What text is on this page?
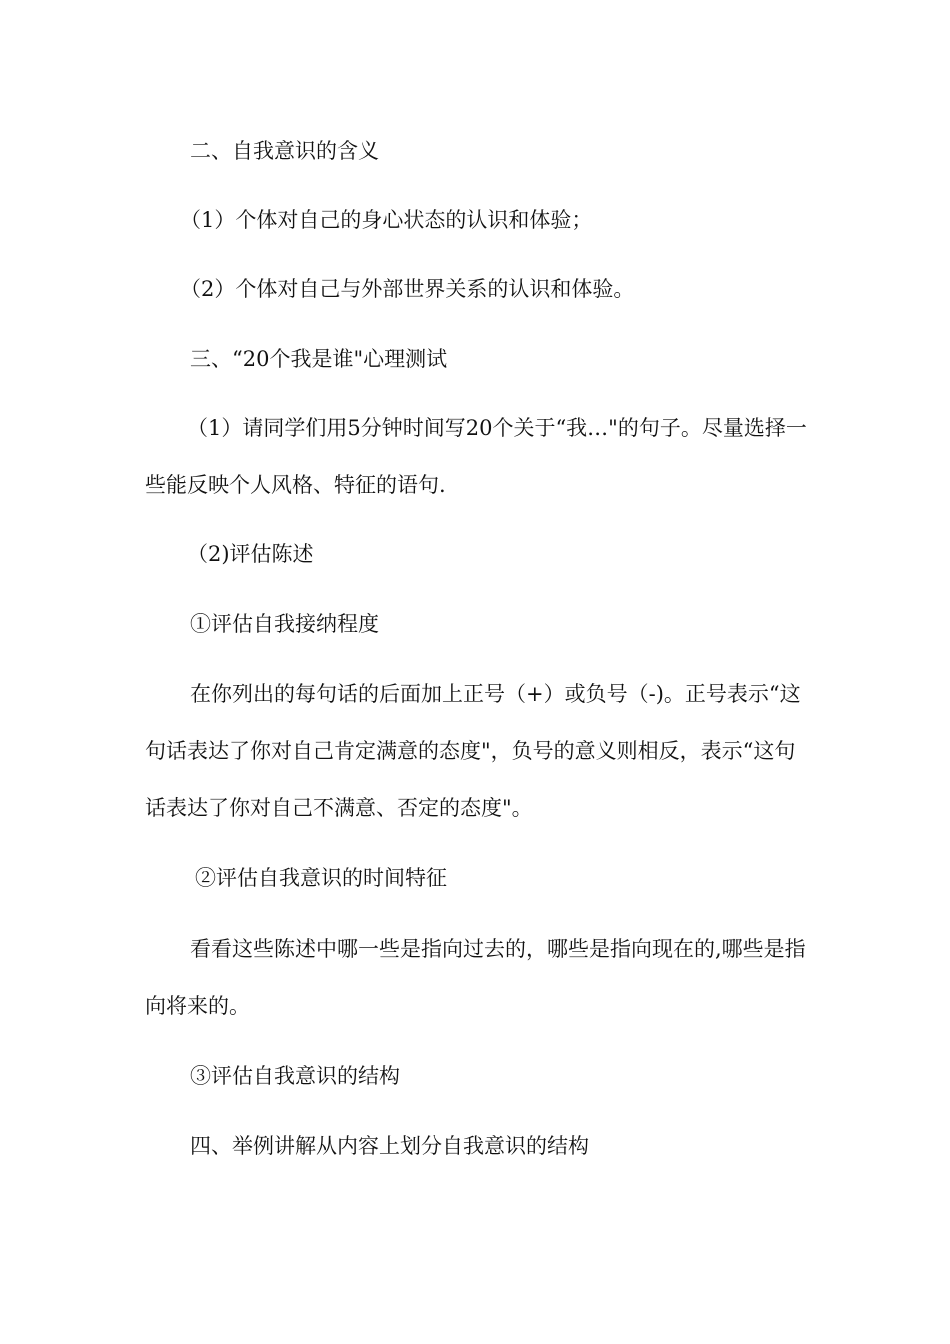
二、自我意识的含义

（1）个体对自己的身心状态的认识和体验；

（2）个体对自己与外部世界关系的认识和体验。

三、“20个我是谁"心理测试

（1）请同学们用5分钟时间写20个关于“我…"的句子。尽量选择一些能反映个人风格、特征的语句.

（2)评估陈述

①评估自我接纳程度

在你列出的每句话的后面加上正号（+）或负号（-)。正号表示“这句话表达了你对自己肯定满意的态度"，负号的意义则相反，表示“这句话表达了你对自己不满意、否定的态度"。

②评估自我意识的时间特征

看看这些陈述中哪一些是指向过去的，哪些是指向现在的,哪些是指向将来的。

③评估自我意识的结构

四、举例讲解从内容上划分自我意识的结构
